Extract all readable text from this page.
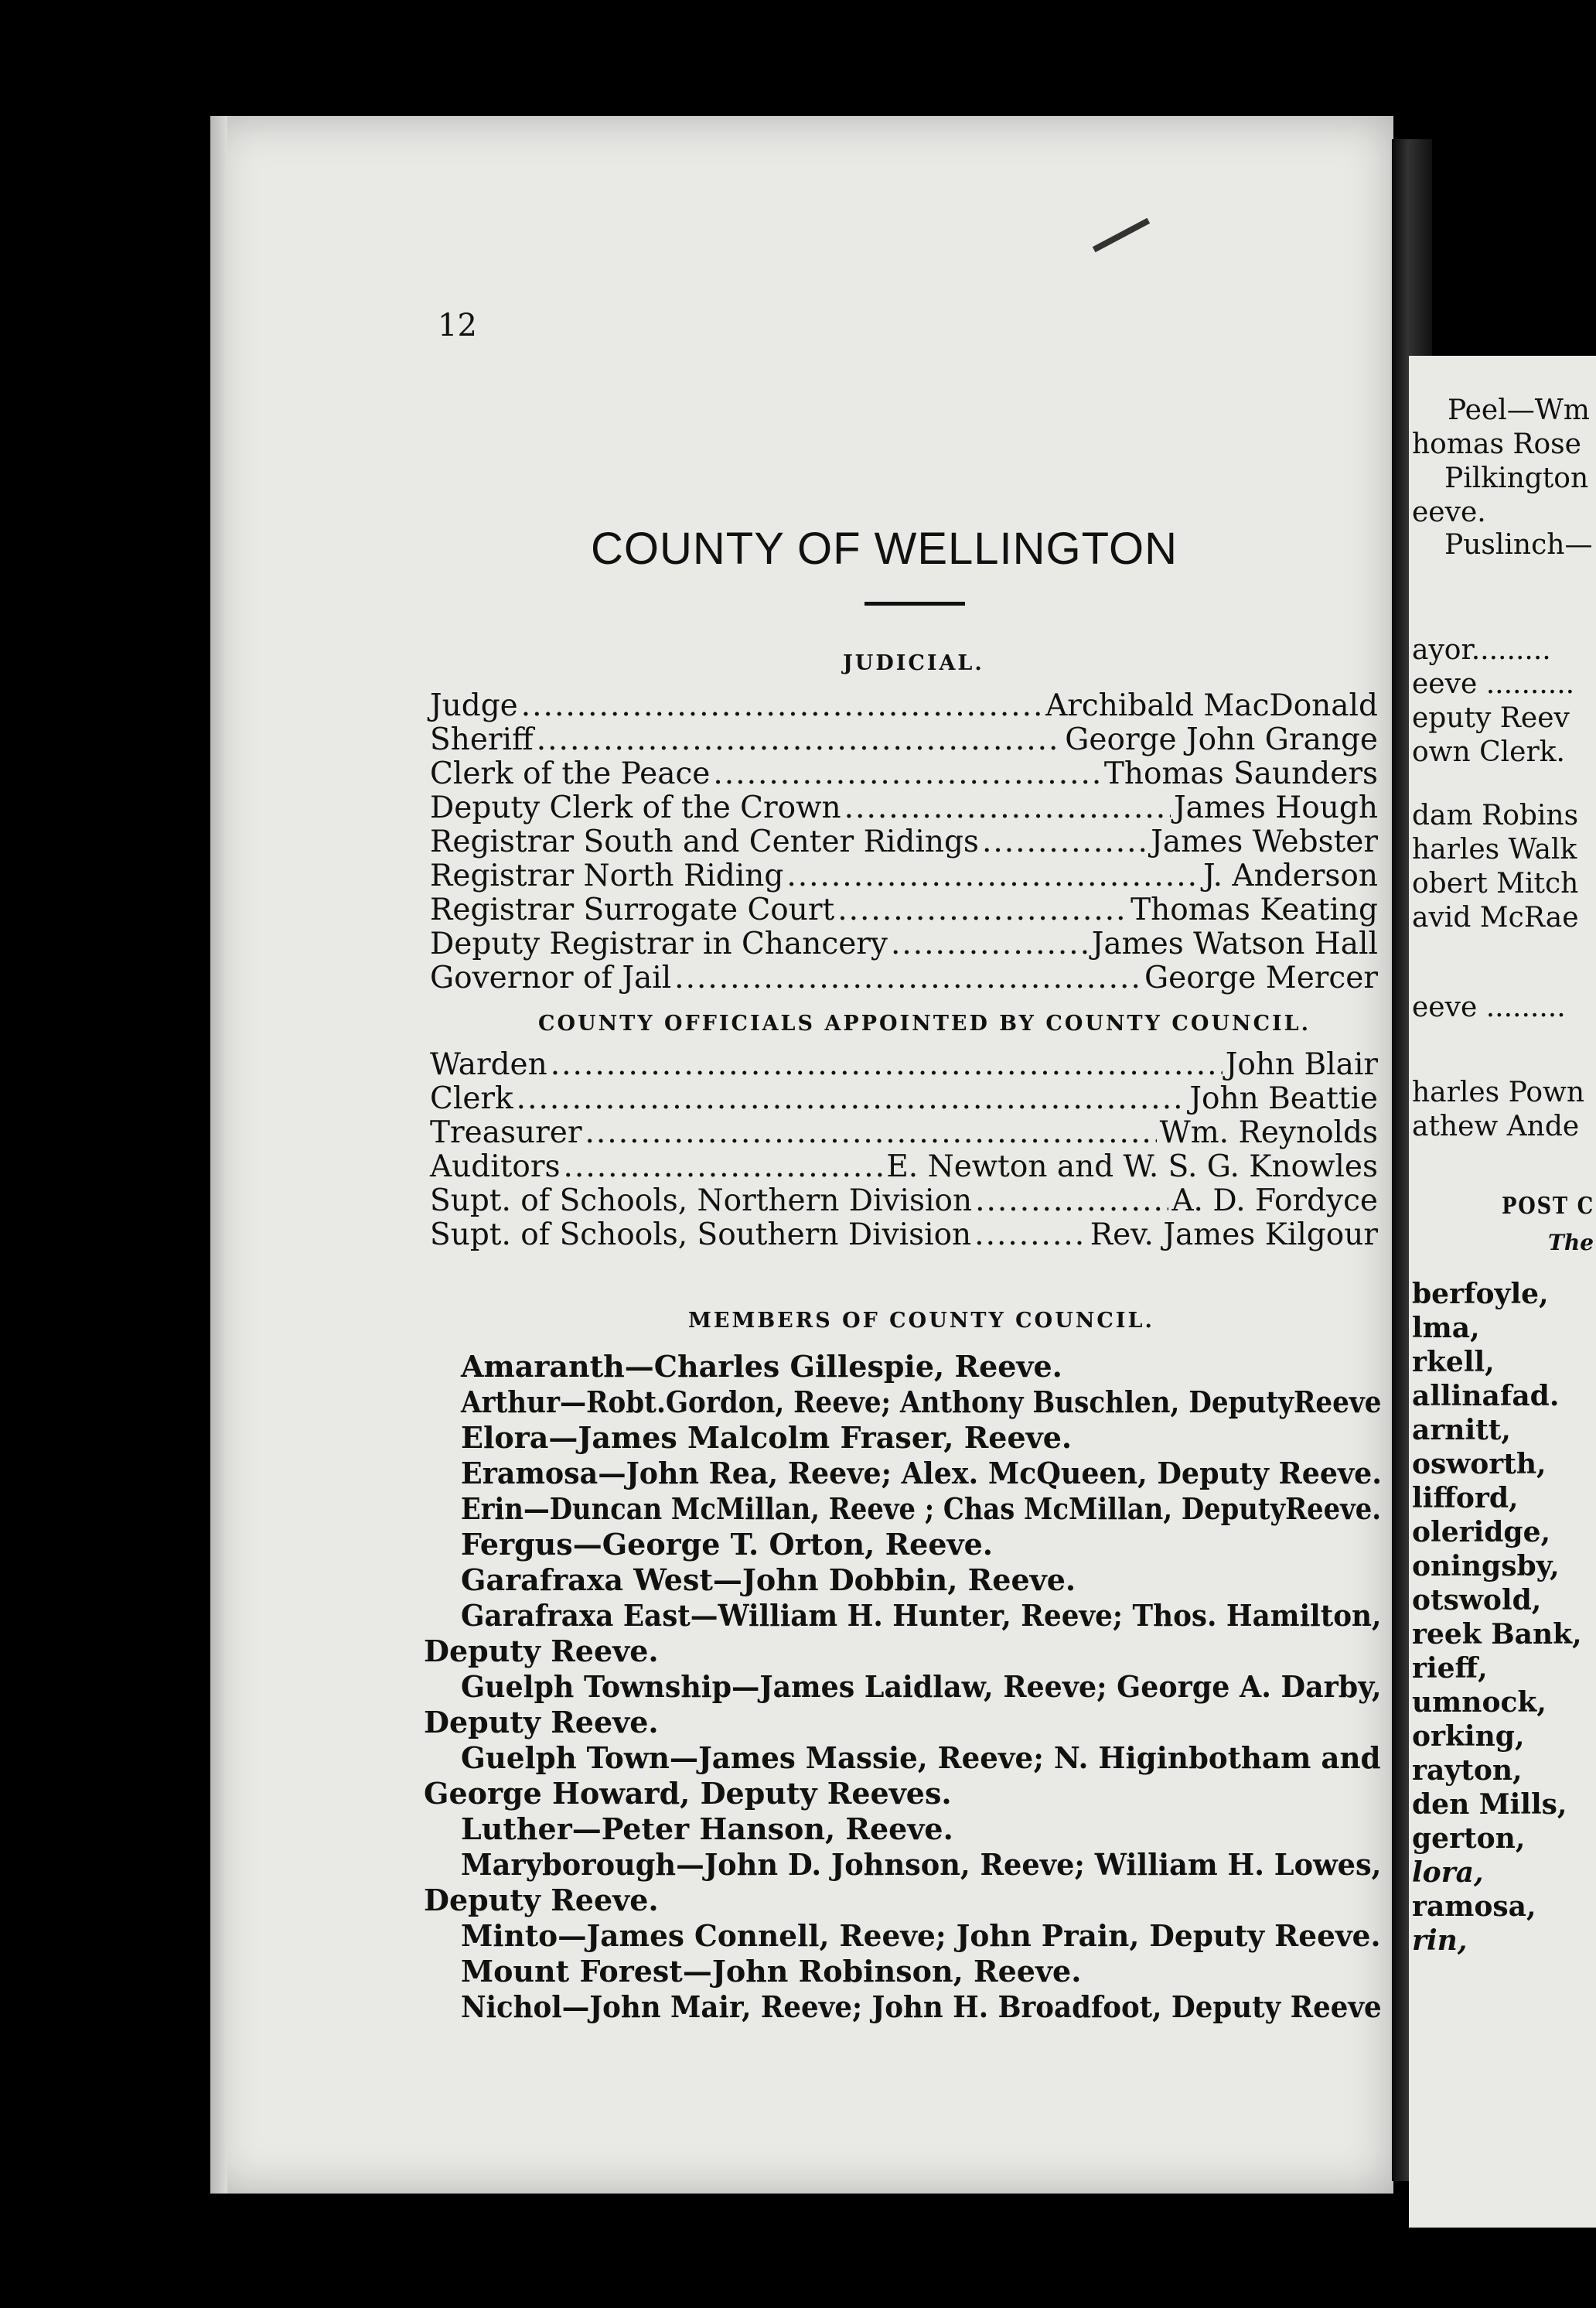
Peel—Wm
homas Rose
Pilkington
eeve.
Puslinch—
ayor.........
eeve ..........
eputy Reev
own Clerk.
dam Robins
harles Walk
obert Mitch
avid McRae
eeve .........
harles Pown
athew Ande
POST C
The
berfoyle,
lma,
rkell,
allinafad.
arnitt,
osworth,
lifford,
oleridge,
oningsby,
otswold,
reek Bank,
rieff,
umnock,
orking,
rayton,
den Mills,
gerton,
lora,
ramosa,
rin,
12
COUNTY OF WELLINGTON
JUDICIAL.
Judge .....	Archibald MacDonald
Sheriff .....	George John Grange
Clerk of the Peace .....	Thomas Saunders
Deputy Clerk of the Crown .....	James Hough
Registrar South and Center Ridings .....	James Webster
Registrar North Riding .....	J. Anderson
Registrar Surrogate Court .....	Thomas Keating
Deputy Registrar in Chancery .....	James Watson Hall
Governor of Jail .....	George Mercer
COUNTY OFFICIALS APPOINTED BY COUNTY COUNCIL.
Warden .....	John Blair
Clerk .....	John Beattie
Treasurer .....	Wm. Reynolds
Auditors .....	E. Newton and W. S. G. Knowles
Supt. of Schools, Northern Division .....	A. D. Fordyce
Supt. of Schools, Southern Division .....	Rev. James Kilgour
MEMBERS OF COUNTY COUNCIL.
Amaranth—Charles Gillespie, Reeve.
Arthur—Robt.Gordon, Reeve; Anthony Buschlen, DeputyReeve
Elora—James Malcolm Fraser, Reeve.
Eramosa—John Rea, Reeve; Alex. McQueen, Deputy Reeve.
Erin—Duncan McMillan, Reeve ; Chas McMillan, DeputyReeve.
Fergus—George T. Orton, Reeve.
Garafraxa West—John Dobbin, Reeve.
Garafraxa East—William H. Hunter, Reeve; Thos. Hamilton,
Deputy Reeve.
Guelph Township—James Laidlaw, Reeve; George A. Darby,
Deputy Reeve.
Guelph Town—James Massie, Reeve; N. Higinbotham and
George Howard, Deputy Reeves.
Luther—Peter Hanson, Reeve.
Maryborough—John D. Johnson, Reeve; William H. Lowes,
Deputy Reeve.
Minto—James Connell, Reeve; John Prain, Deputy Reeve.
Mount Forest—John Robinson, Reeve.
Nichol—John Mair, Reeve; John H. Broadfoot, Deputy Reeve
